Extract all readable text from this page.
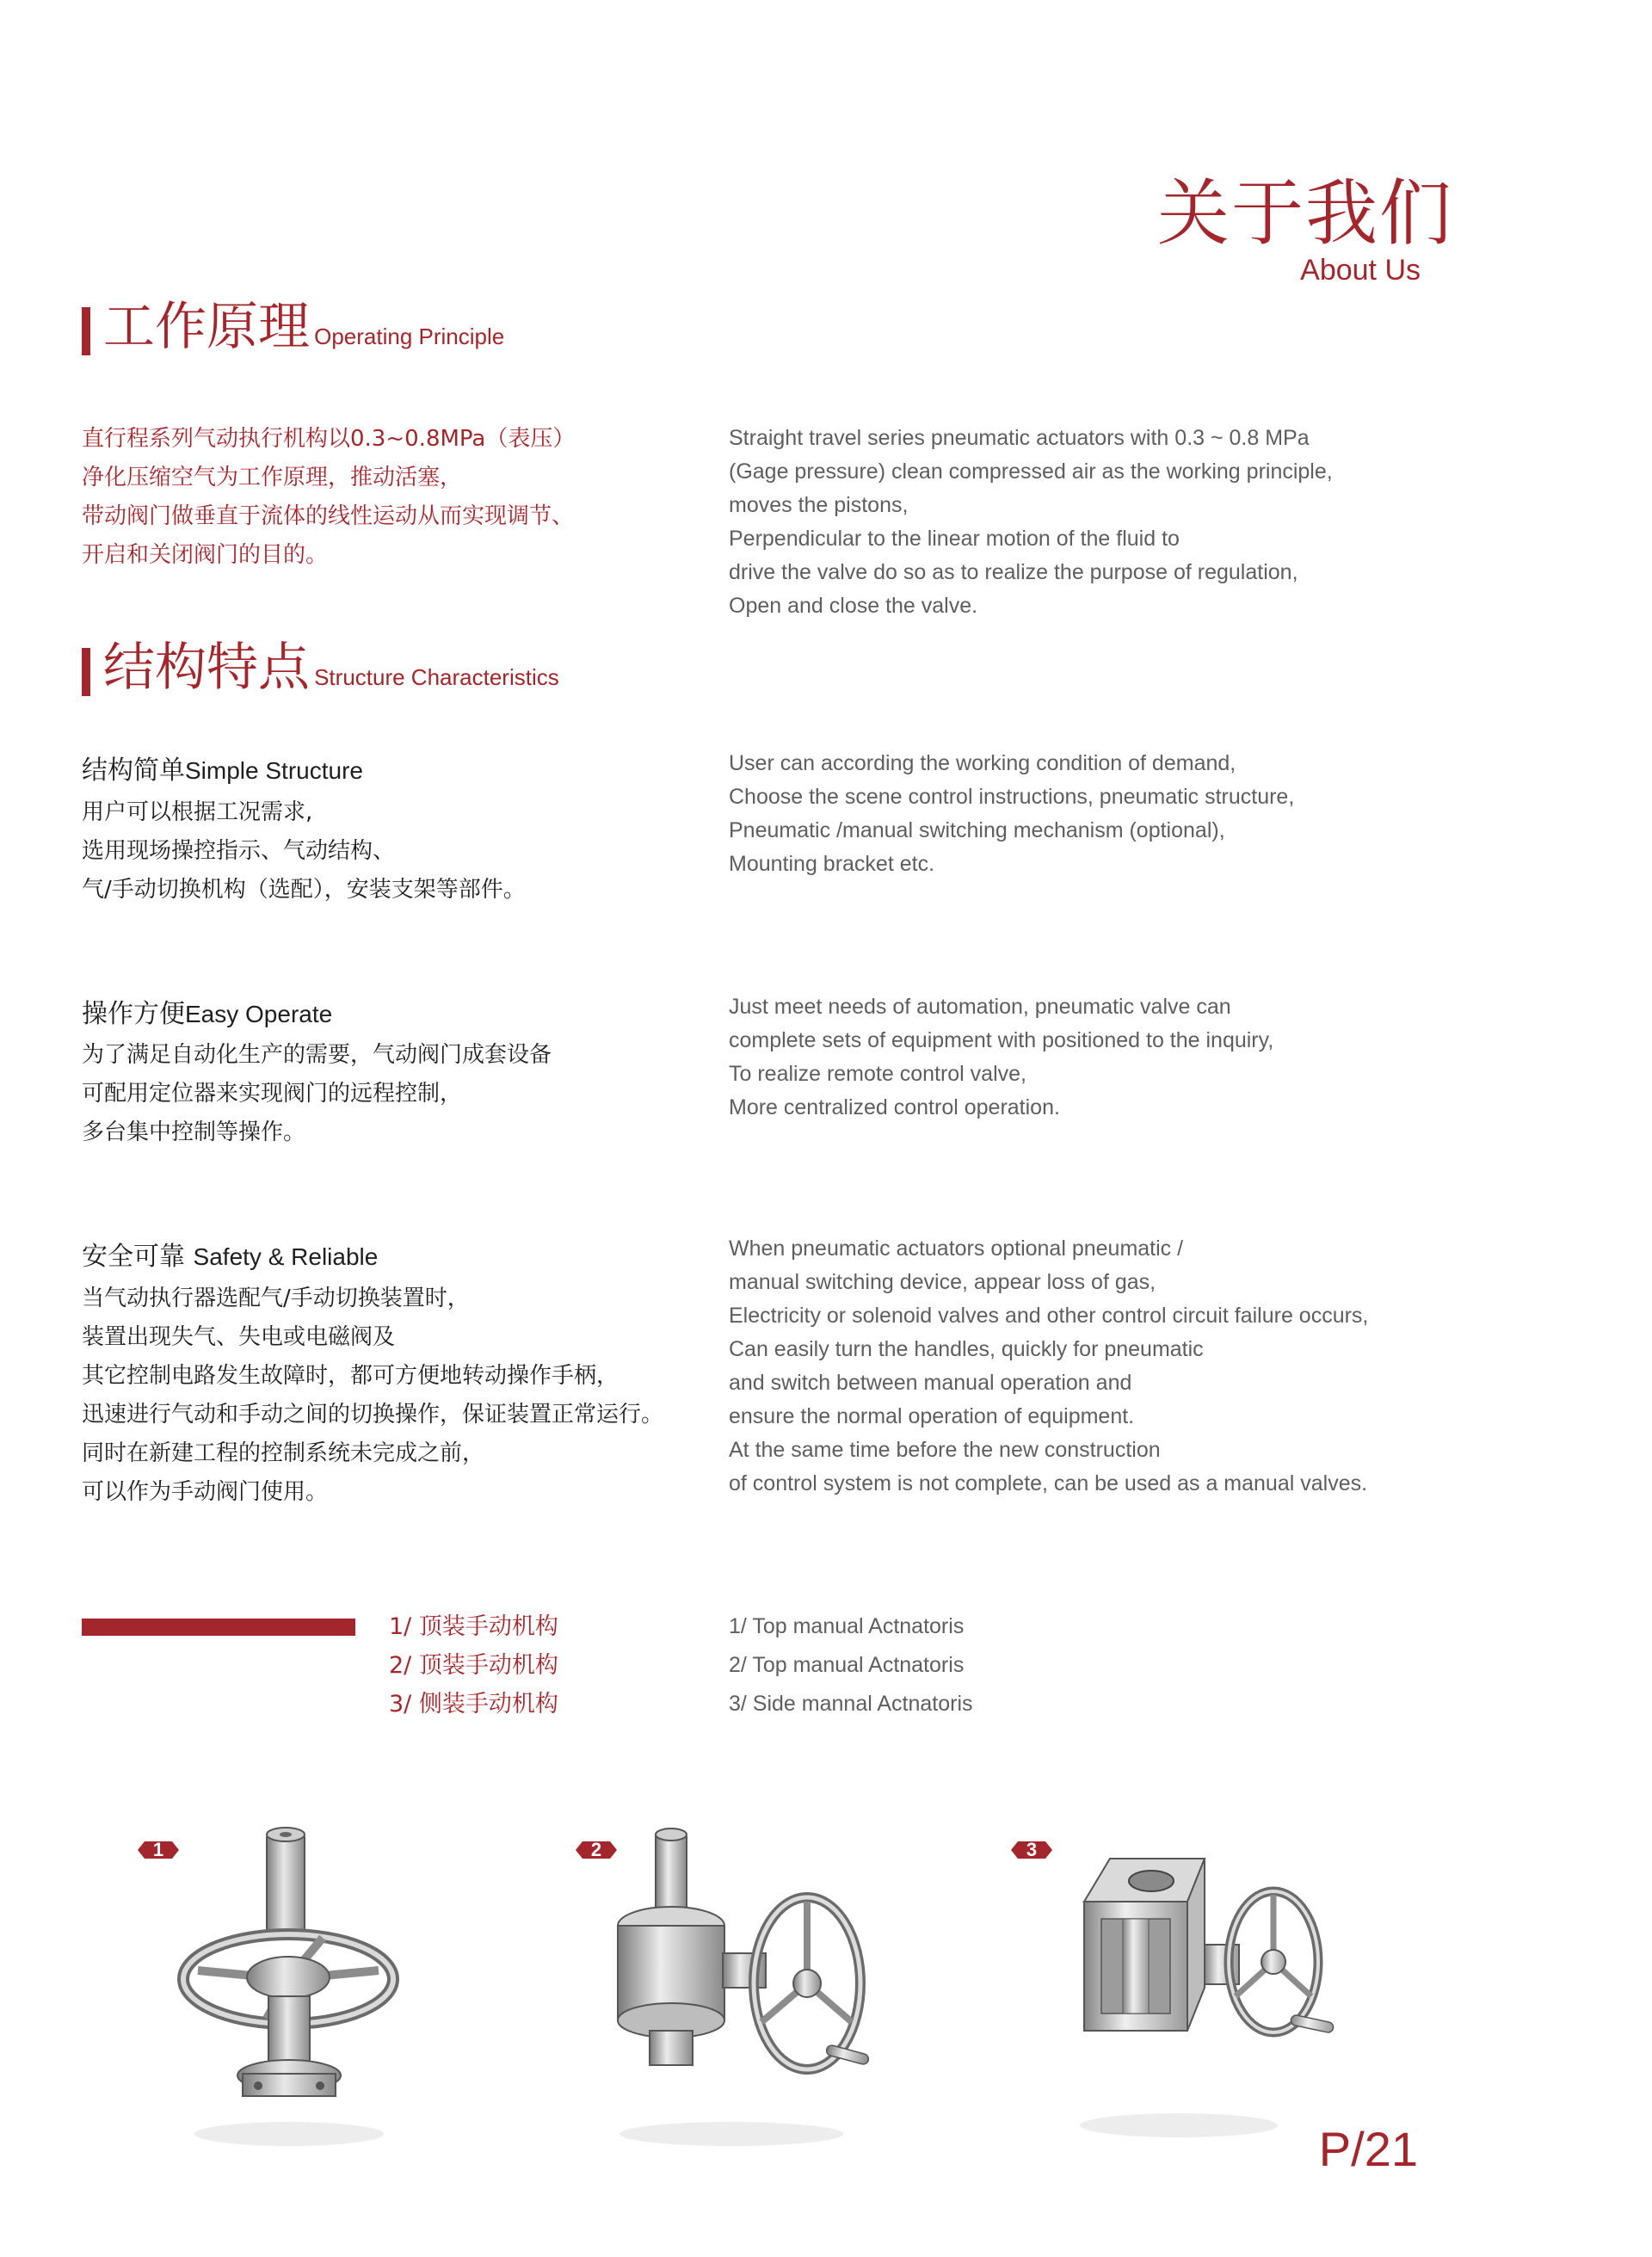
关于我们
About Us
工作原理 Operating Principle
直行程系列气动执行机构以0.3~0.8MPa（表压）
净化压缩空气为工作原理，推动活塞，
带动阀门做垂直于流体的线性运动从而实现调节、
开启和关闭阀门的目的。
Straight travel series pneumatic actuators with 0.3 ~ 0.8 MPa
(Gage pressure) clean compressed air as the working principle,
moves the pistons,
Perpendicular to the linear motion of the fluid to
drive the valve do so as to realize the purpose of regulation,
Open and close the valve.
结构特点 Structure Characteristics
结构简单Simple Structure
用户可以根据工况需求,
选用现场操控指示、气动结构、
气/手动切换机构（选配），安装支架等部件。
User can according the working condition of demand,
Choose the scene control instructions, pneumatic structure,
Pneumatic /manual switching mechanism (optional),
Mounting bracket etc.
操作方便Easy Operate
为了满足自动化生产的需要，气动阀门成套设备
可配用定位器来实现阀门的远程控制，
多台集中控制等操作。
Just meet needs of automation, pneumatic valve can
complete sets of equipment with positioned to the inquiry,
To realize remote control valve,
More centralized control operation.
安全可靠 Safety & Reliable
当气动执行器选配气/手动切换装置时，
装置出现失气、失电或电磁阀及
其它控制电路发生故障时，都可方便地转动操作手柄，
迅速进行气动和手动之间的切换操作，保证装置正常运行。
同时在新建工程的控制系统未完成之前，
可以作为手动阀门使用。
When pneumatic actuators optional pneumatic /
manual switching device, appear loss of gas,
Electricity or solenoid valves and other control circuit failure occurs,
Can easily turn the handles, quickly for pneumatic
and switch between manual operation and
ensure the normal operation of equipment.
At the same time before the new construction
of control system is not complete, can be used as a manual valves.
1/ 顶装手动机构
2/ 顶装手动机构
3/ 侧装手动机构
1/ Top manual Actnatoris
2/ Top manual Actnatoris
3/ Side mannal Actnatoris
1	2	3
P/21
